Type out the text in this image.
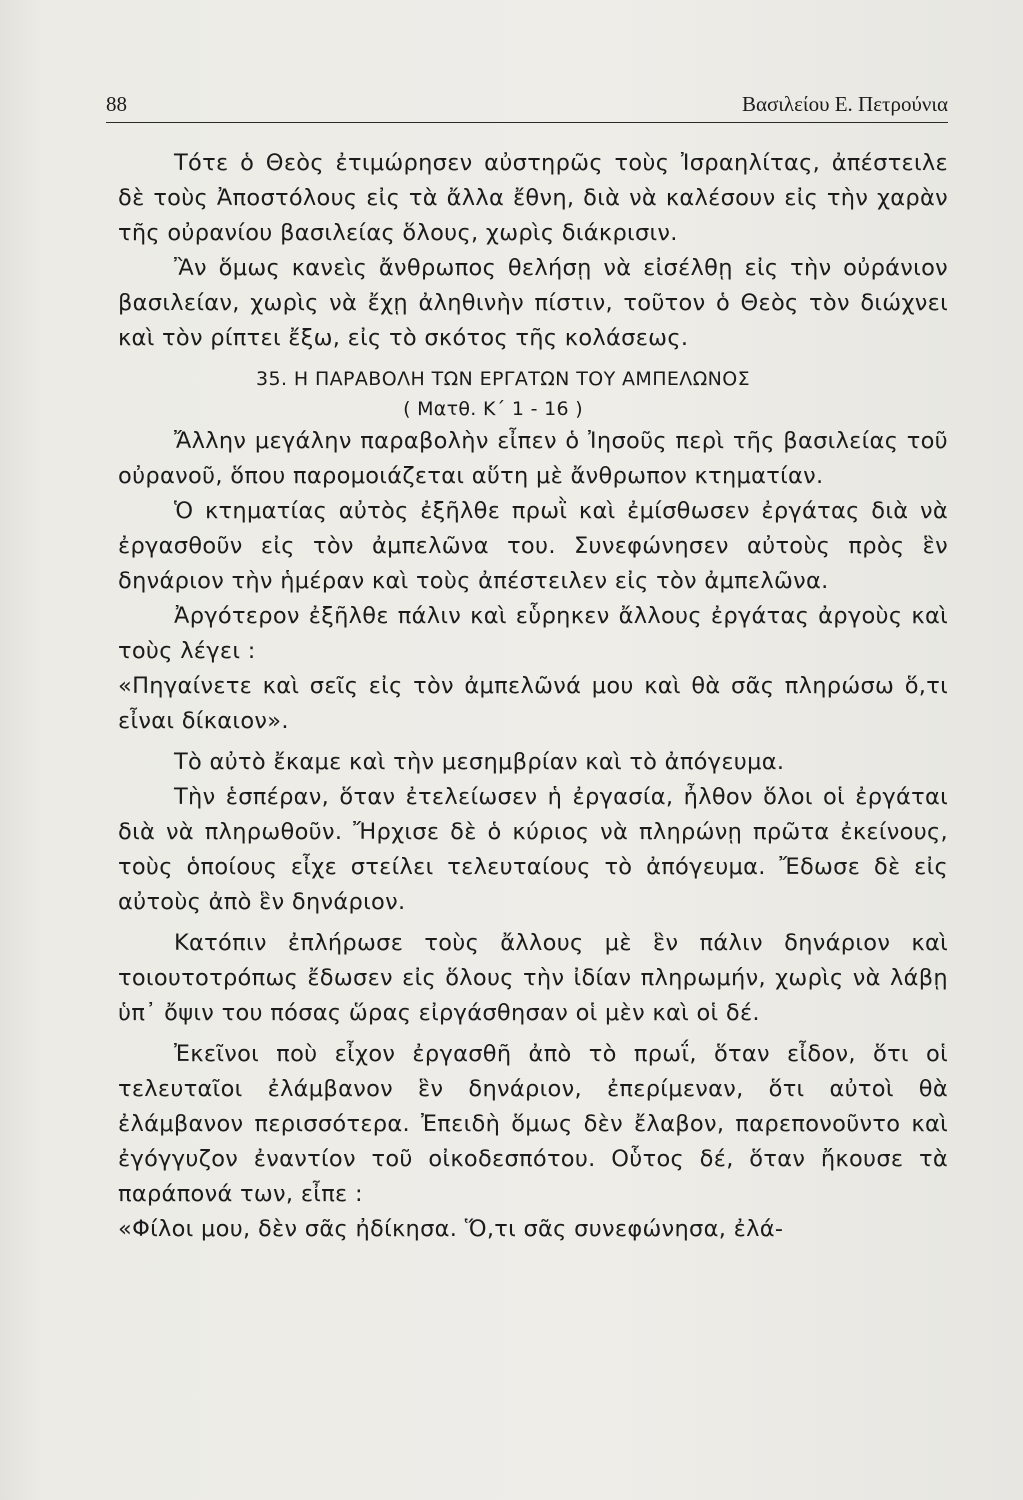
88	Βασιλείου Ε. Πετρούνια

Τότε ὁ Θεὸς ἐτιμώρησεν αὐστηρῶς τοὺς Ἰσραηλίτας, ἀπέστειλε δὲ τοὺς Ἀποστόλους εἰς τὰ ἄλλα ἔθνη, διὰ νὰ καλέσουν εἰς τὴν χαρὰν τῆς οὐρανίου βασιλείας ὅλους, χωρὶς διάκρισιν.

Ἂν ὅμως κανεὶς ἄνθρωπος θελήσῃ νὰ εἰσέλθῃ εἰς τὴν οὐράνιον βασιλείαν, χωρὶς νὰ ἔχῃ ἀληθινὴν πίστιν, τοῦτον ὁ Θεὸς τὸν διώχνει καὶ τὸν ρίπτει ἔξω, εἰς τὸ σκότος τῆς κολάσεως.

35. Η ΠΑΡΑΒΟΛΗ ΤΩΝ ΕΡΓΑΤΩΝ ΤΟΥ ΑΜΠΕΛΩΝΟΣ
( Ματθ. Κ΄ 1 - 16 )

Ἄλλην μεγάλην παραβολὴν εἶπεν ὁ Ἰησοῦς περὶ τῆς βασιλείας τοῦ οὐρανοῦ, ὅπου παρομοιάζεται αὕτη μὲ ἄνθρωπον κτηματίαν.

Ὁ κτηματίας αὐτὸς ἐξῆλθε πρωῒ καὶ ἐμίσθωσεν ἐργάτας διὰ νὰ ἐργασθοῦν εἰς τὸν ἀμπελῶνα του. Συνεφώνησεν αὐτοὺς πρὸς ἓν δηνάριον τὴν ἡμέραν καὶ τοὺς ἀπέστειλεν εἰς τὸν ἀμπελῶνα.

Ἀργότερον ἐξῆλθε πάλιν καὶ εὗρηκεν ἄλλους ἐργάτας ἀργοὺς καὶ τοὺς λέγει :

«Πηγαίνετε καὶ σεῖς εἰς τὸν ἀμπελῶνά μου καὶ θὰ σᾶς πληρώσω ὅ,τι εἶναι δίκαιον».

Τὸ αὐτὸ ἔκαμε καὶ τὴν μεσημβρίαν καὶ τὸ ἀπόγευμα.

Τὴν ἑσπέραν, ὅταν ἐτελείωσεν ἡ ἐργασία, ἦλθον ὅλοι οἱ ἐργάται διὰ νὰ πληρωθοῦν. Ἤρχισε δὲ ὁ κύριος νὰ πληρώνῃ πρῶτα ἐκείνους, τοὺς ὁποίους εἶχε στείλει τελευταίους τὸ ἀπόγευμα. Ἔδωσε δὲ εἰς αὐτοὺς ἀπὸ ἓν δηνάριον.

Κατόπιν ἐπλήρωσε τοὺς ἄλλους μὲ ἓν πάλιν δηνάριον καὶ τοιουτοτρόπως ἔδωσεν εἰς ὅλους τὴν ἰδίαν πληρωμήν, χωρὶς νὰ λάβῃ ὑπ᾽ ὄψιν του πόσας ὥρας εἰργάσθησαν οἱ μὲν καὶ οἱ δέ.

Ἐκεῖνοι ποὺ εἶχον ἐργασθῆ ἀπὸ τὸ πρωΐ, ὅταν εἶδον, ὅτι οἱ τελευταῖοι ἐλάμβανον ἓν δηνάριον, ἐπερίμεναν, ὅτι αὐτοὶ θὰ ἐλάμβανον περισσότερα. Ἐπειδὴ ὅμως δὲν ἔλαβον, παρεπονοῦντο καὶ ἐγόγγυζον ἐναντίον τοῦ οἰκοδεσπότου. Οὗτος δέ, ὅταν ἤκουσε τὰ παράπονά των, εἶπε :

«Φίλοι μου, δὲν σᾶς ἠδίκησα. Ὅ,τι σᾶς συνεφώνησα, ἐλά-
